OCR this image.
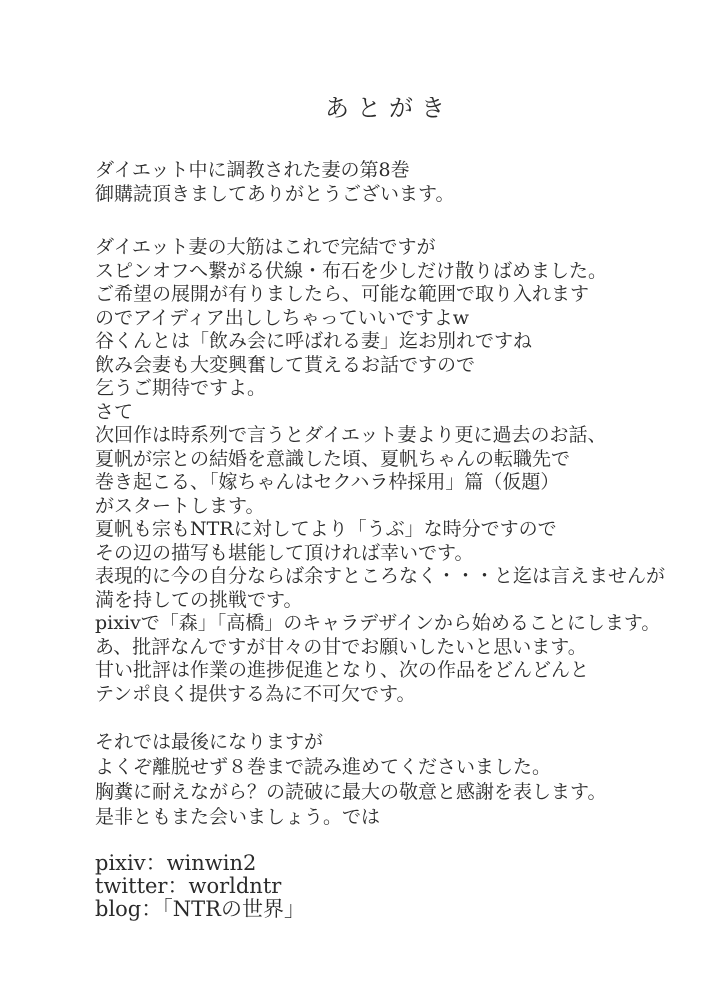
あとがき
ダイエット中に調教された妻の第8巻
御購読頂きましてありがとうございます。
ダイエット妻の大筋はこれで完結ですが
スピンオフへ繋がる伏線・布石を少しだけ散りばめました。
ご希望の展開が有りましたら、可能な範囲で取り入れます
のでアイディア出ししちゃっていいですよw
谷くんとは「飲み会に呼ばれる妻」迄お別れですね
飲み会妻も大変興奮して貰えるお話ですので
乞うご期待ですよ。
さて
次回作は時系列で言うとダイエット妻より更に過去のお話、
夏帆が宗との結婚を意識した頃、夏帆ちゃんの転職先で
巻き起こる、「嫁ちゃんはセクハラ枠採用」篇（仮題）
がスタートします。
夏帆も宗もNTRに対してより「うぶ」な時分ですので
その辺の描写も堪能して頂ければ幸いです。
表現的に今の自分ならば余すところなく・・・と迄は言えませんが
満を持しての挑戦です。
pixivで「森」「高橋」のキャラデザインから始めることにします。
あ、批評なんですが甘々の甘でお願いしたいと思います。
甘い批評は作業の進捗促進となり、次の作品をどんどんと
テンポ良く提供する為に不可欠です。
それでは最後になりますが
よくぞ離脱せず８巻まで読み進めてくださいました。
胸糞に耐えながら？の読破に最大の敬意と感謝を表します。
是非ともまた会いましょう。では
pixiv：winwin2
twitter：worldntr
blog：「NTRの世界」
